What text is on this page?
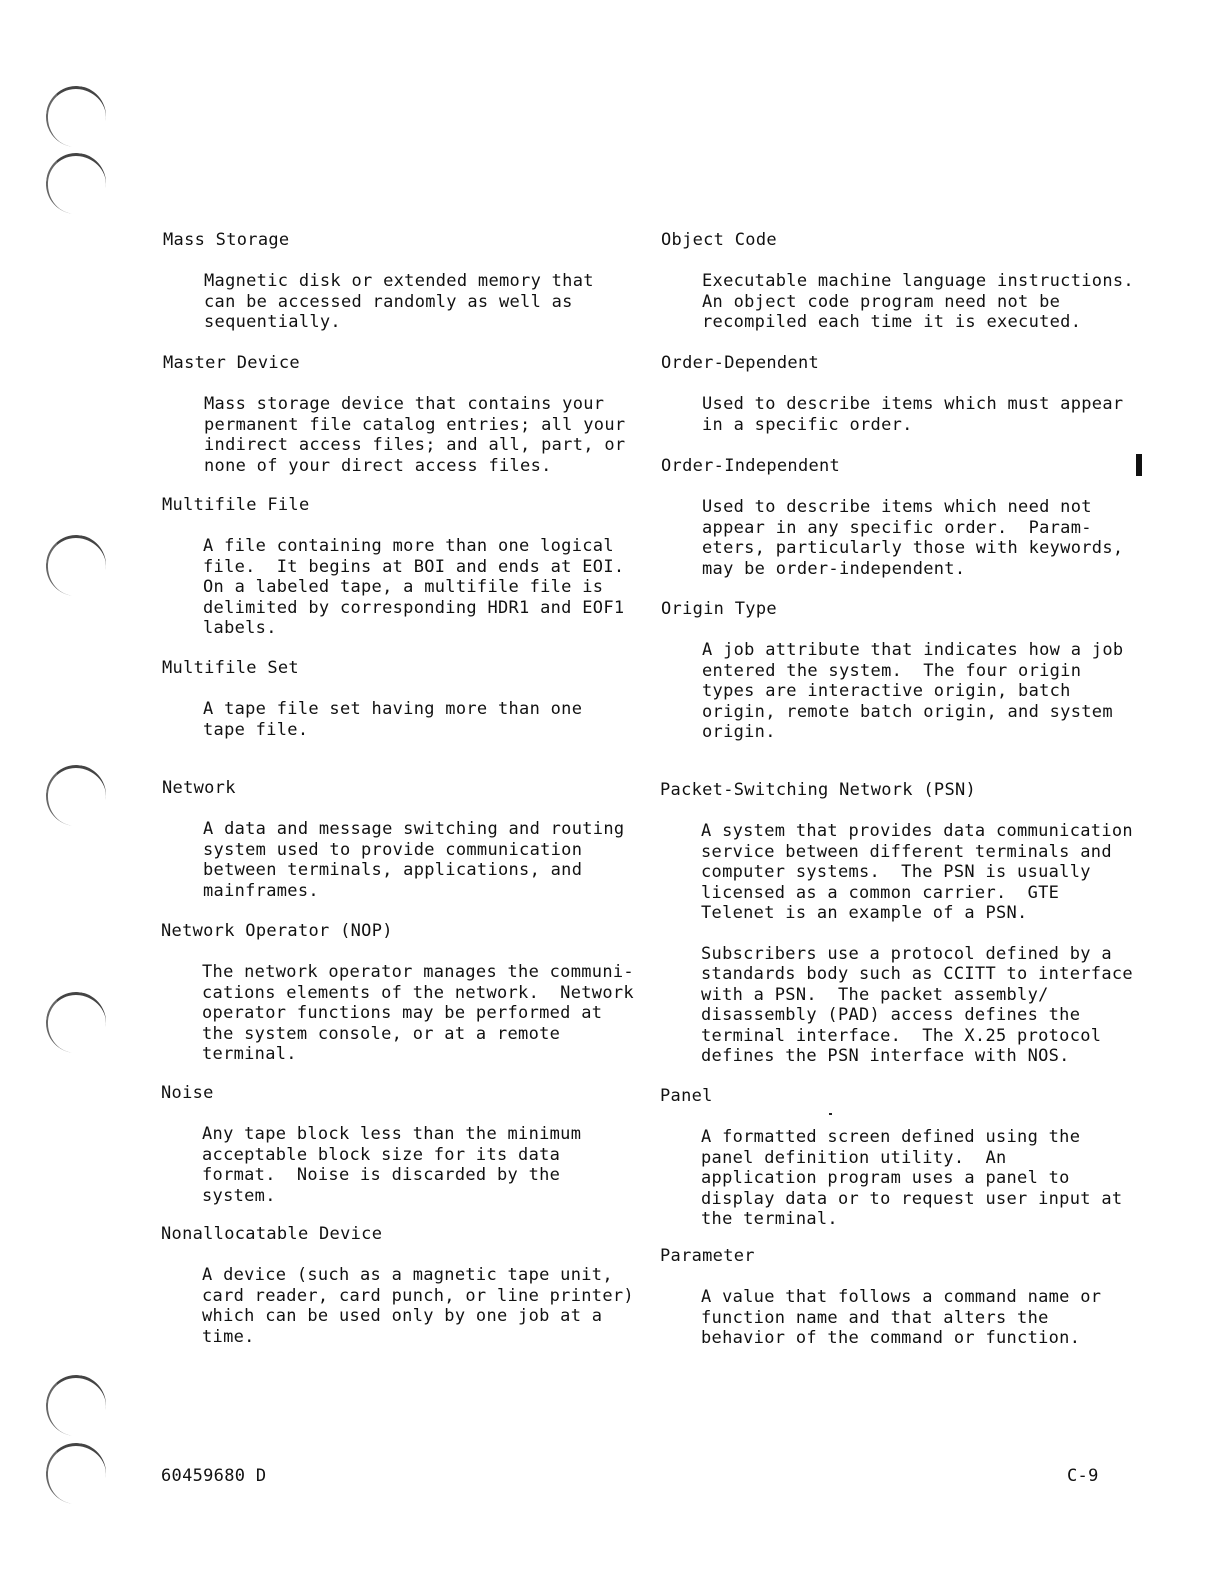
Mass Storage
Magnetic disk or extended memory that
can be accessed randomly as well as
sequentially.
Master Device
Mass storage device that contains your
permanent file catalog entries; all your
indirect access files; and all, part, or
none of your direct access files.
Multifile File
A file containing more than one logical
file.  It begins at BOI and ends at EOI.
On a labeled tape, a multifile file is
delimited by corresponding HDR1 and EOF1
labels.
Multifile Set
A tape file set having more than one
tape file.
Network
A data and message switching and routing
system used to provide communication
between terminals, applications, and
mainframes.
Network Operator (NOP)
The network operator manages the communi-
cations elements of the network.  Network
operator functions may be performed at
the system console, or at a remote
terminal.
Noise
Any tape block less than the minimum
acceptable block size for its data
format.  Noise is discarded by the
system.
Nonallocatable Device
A device (such as a magnetic tape unit,
card reader, card punch, or line printer)
which can be used only by one job at a
time.
Object Code
Executable machine language instructions.
An object code program need not be
recompiled each time it is executed.
Order-Dependent
Used to describe items which must appear
in a specific order.
Order-Independent
Used to describe items which need not
appear in any specific order.  Param-
eters, particularly those with keywords,
may be order-independent.
Origin Type
A job attribute that indicates how a job
entered the system.  The four origin
types are interactive origin, batch
origin, remote batch origin, and system
origin.
Packet-Switching Network (PSN)
A system that provides data communication
service between different terminals and
computer systems.  The PSN is usually
licensed as a common carrier.  GTE
Telenet is an example of a PSN.
Subscribers use a protocol defined by a
standards body such as CCITT to interface
with a PSN.  The packet assembly/
disassembly (PAD) access defines the
terminal interface.  The X.25 protocol
defines the PSN interface with NOS.
Panel
A formatted screen defined using the
panel definition utility.  An
application program uses a panel to
display data or to request user input at
the terminal.
Parameter
A value that follows a command name or
function name and that alters the
behavior of the command or function.
60459680 D	C-9
